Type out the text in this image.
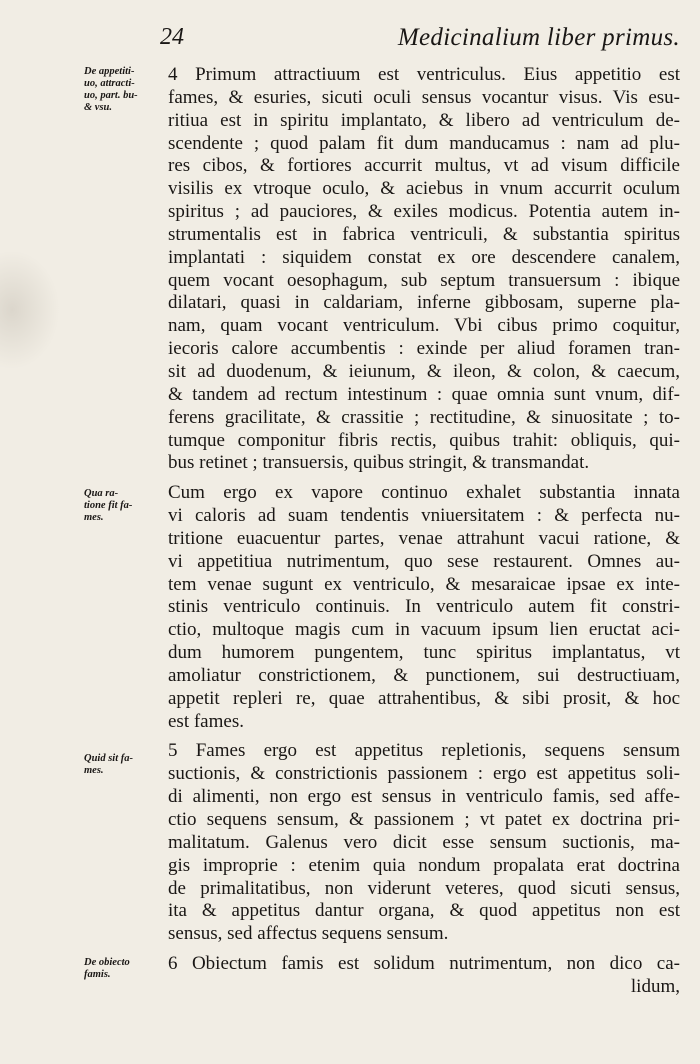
24	Medicinalium liber primus.
De appetiti-
uo, attracti-
uo, part. bu-
& vsu.
Qua ra-
tione fit fa-
mes.
Quid sit fa-
mes.
De obiecto
famis.
4 Primum attractiuum est ventriculus. Eius appetitio est
fames, & esuries, sicuti oculi sensus vocantur visus. Vis esu-
ritiua est in spiritu implantato, & libero ad ventriculum de-
scendente ; quod palam fit dum manducamus : nam ad plu-
res cibos, & fortiores accurrit multus, vt ad visum difficile
visilis ex vtroque oculo, & aciebus in vnum accurrit oculum
spiritus ; ad pauciores, & exiles modicus. Potentia autem in-
strumentalis est in fabrica ventriculi, & substantia spiritus
implantati : siquidem constat ex ore descendere canalem,
quem vocant oesophagum, sub septum transuersum : ibique
dilatari, quasi in caldariam, inferne gibbosam, superne pla-
nam, quam vocant ventriculum. Vbi cibus primo coquitur,
iecoris calore accumbentis : exinde per aliud foramen tran-
sit ad duodenum, & ieiunum, & ileon, & colon, & caecum,
& tandem ad rectum intestinum : quae omnia sunt vnum, dif-
ferens gracilitate, & crassitie ; rectitudine, & sinuositate ; to-
tumque componitur fibris rectis, quibus trahit: obliquis, qui-
bus retinet ; transuersis, quibus stringit, & transmandat.
Cum ergo ex vapore continuo exhalet substantia innata
vi caloris ad suam tendentis vniuersitatem : & perfecta nu-
tritione euacuentur partes, venae attrahunt vacui ratione, &
vi appetitiua nutrimentum, quo sese restaurent. Omnes au-
tem venae sugunt ex ventriculo, & mesaraicae ipsae ex inte-
stinis ventriculo continuis. In ventriculo autem fit constri-
ctio, multoque magis cum in vacuum ipsum lien eructat aci-
dum humorem pungentem, tunc spiritus implantatus, vt
amoliatur constrictionem, & punctionem, sui destructiuam,
appetit repleri re, quae attrahentibus, & sibi prosit, & hoc
est fames.
5 Fames ergo est appetitus repletionis, sequens sensum
suctionis, & constrictionis passionem : ergo est appetitus soli-
di alimenti, non ergo est sensus in ventriculo famis, sed affe-
ctio sequens sensum, & passionem ; vt patet ex doctrina pri-
malitatum. Galenus vero dicit esse sensum suctionis, ma-
gis improprie : etenim quia nondum propalata erat doctrina
de primalitatibus, non viderunt veteres, quod sicuti sensus,
ita & appetitus dantur organa, & quod appetitus non est
sensus, sed affectus sequens sensum.
6 Obiectum famis est solidum nutrimentum, non dico ca-
lidum,
